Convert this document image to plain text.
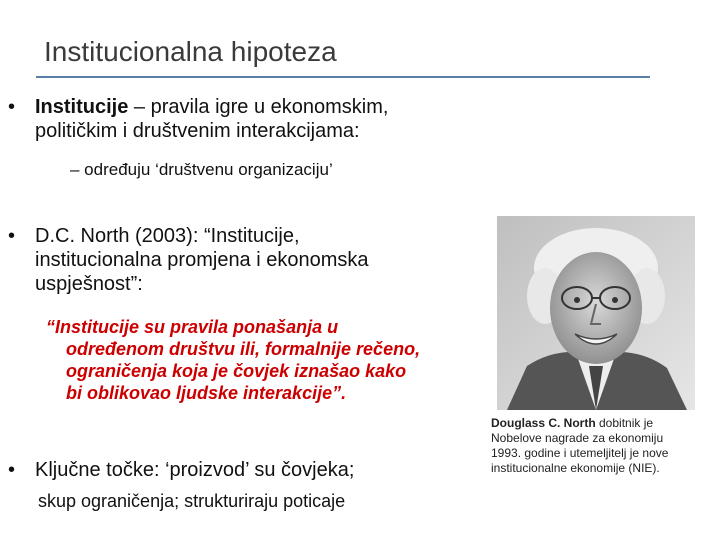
Institucionalna hipoteza
• Institucije – pravila igre u ekonomskim,
političkim i društvenim interakcijama:
– određuju ‘društvenu organizaciju’
• D.C. North (2003): “Institucije,
institucionalna promjena i ekonomska
uspješnost”:
“Institucije su pravila ponašanja u
određenom društvu ili, formalnije rečeno,
ograničenja koja je čovjek iznašao kako
bi oblikovao ljudske interakcije”.
Douglass C. North dobitnik je
Nobelove nagrade za ekonomiju
1993. godine i utemeljitelj je nove
institucionalne ekonomije (NIE).
• Ključne točke: ‘proizvod’ su čovjeka;
skup ograničenja; strukturiraju poticaje
